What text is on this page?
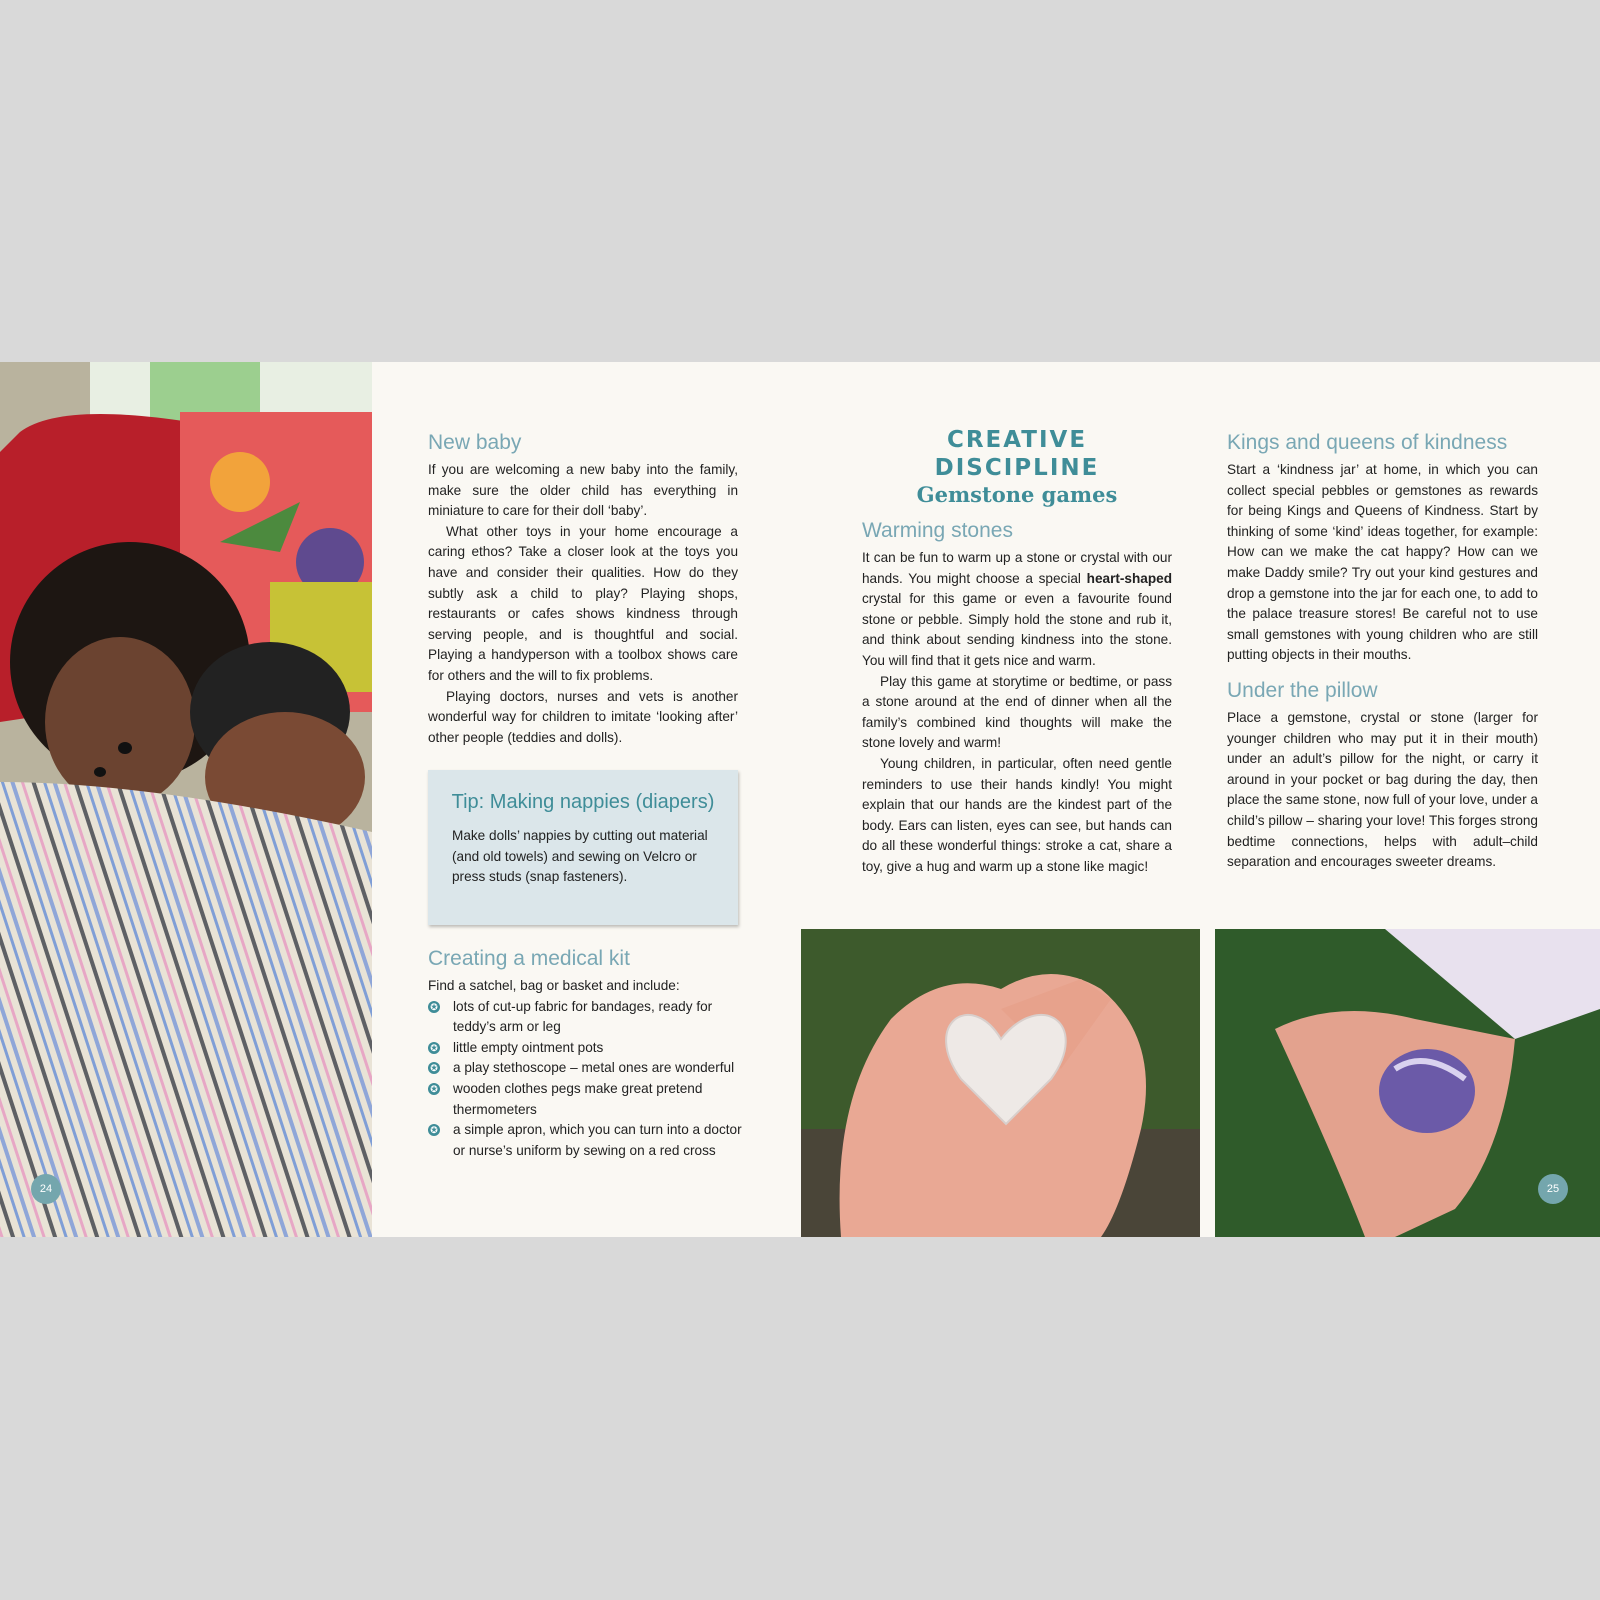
New baby

If you are welcoming a new baby into the family, make sure the older child has everything in miniature to care for their doll ‘baby’.

What other toys in your home encourage a caring ethos? Take a closer look at the toys you have and consider their qualities. How do they subtly ask a child to play? Playing shops, restaurants or cafes shows kindness through serving people, and is thoughtful and social. Playing a handyperson with a toolbox shows care for others and the will to fix problems.

Playing doctors, nurses and vets is another wonderful way for children to imitate ‘looking after’ other people (teddies and dolls).

Tip: Making nappies (diapers)
Make dolls’ nappies by cutting out material (and old towels) and sewing on Velcro or press studs (snap fasteners).
Creating a medical kit
Find a satchel, bag or basket and include:
✪ lots of cut-up fabric for bandages, ready for teddy’s arm or leg
✪ little empty ointment pots
✪ a play stethoscope – metal ones are wonderful
✪ wooden clothes pegs make great pretend thermometers
✪ a simple apron, which you can turn into a doctor or nurse’s uniform by sewing on a red cross
24
CREATIVE DISCIPLINE
Gemstone games
Warming stones

It can be fun to warm up a stone or crystal with our hands. You might choose a special heart-shaped crystal for this game or even a favourite found stone or pebble. Simply hold the stone and rub it, and think about sending kindness into the stone. You will find that it gets nice and warm.

Play this game at storytime or bedtime, or pass a stone around at the end of dinner when all the family’s combined kind thoughts will make the stone lovely and warm!

Young children, in particular, often need gentle reminders to use their hands kindly! You might explain that our hands are the kindest part of the body. Ears can listen, eyes can see, but hands can do all these wonderful things: stroke a cat, share a toy, give a hug and warm up a stone like magic!

Kings and queens of kindness

Start a ‘kindness jar’ at home, in which you can collect special pebbles or gemstones as rewards for being Kings and Queens of Kindness. Start by thinking of some ‘kind’ ideas together, for example: How can we make the cat happy? How can we make Daddy smile? Try out your kind gestures and drop a gemstone into the jar for each one, to add to the palace treasure stores! Be careful not to use small gemstones with young children who are still putting objects in their mouths.

Under the pillow

Place a gemstone, crystal or stone (larger for younger children who may put it in their mouth) under an adult’s pillow for the night, or carry it around in your pocket or bag during the day, then place the same stone, now full of your love, under a child’s pillow – sharing your love! This forges strong bedtime connections, helps with adult–child separation and encourages sweeter dreams.

25
